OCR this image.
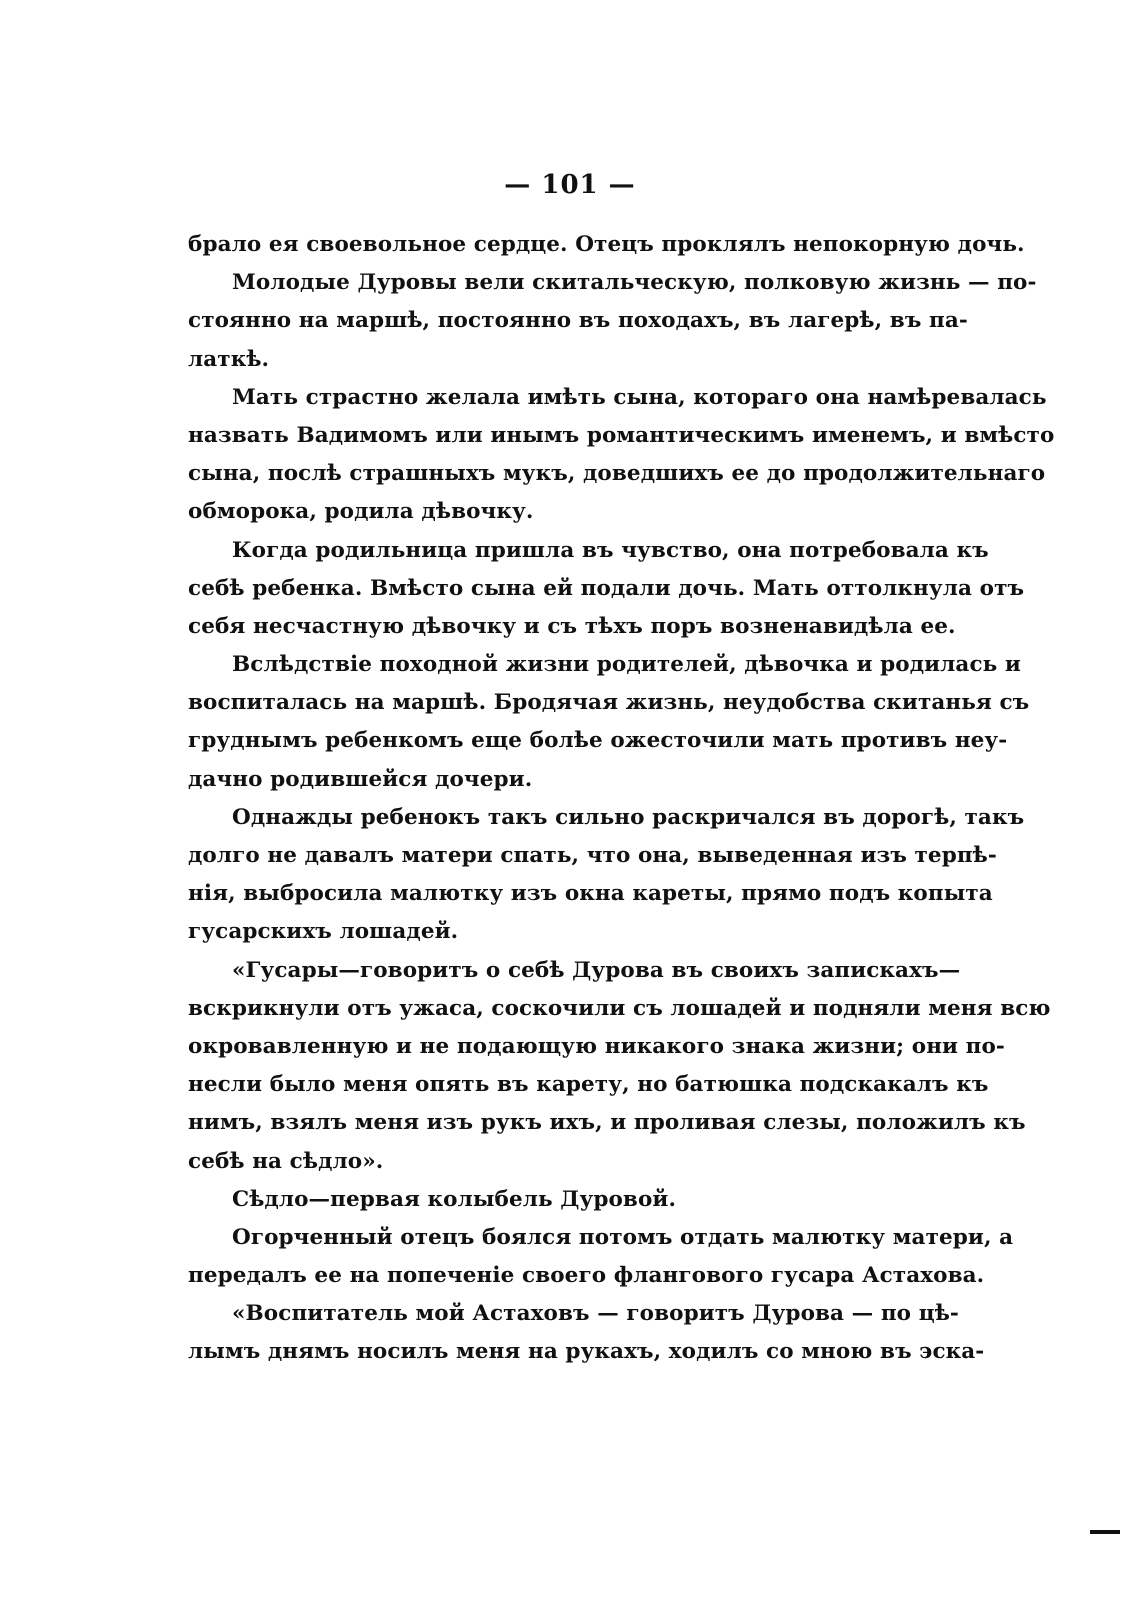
— 101 —
брало ея своевольное сердце. Отецъ проклялъ непокорную дочь.
Молодые Дуровы вели скитальческую, полковую жизнь — по-
стоянно на маршѣ, постоянно въ походахъ, въ лагерѣ, въ па-
латкѣ.
Мать страстно желала имѣть сына, котораго она намѣревалась
назвать Вадимомъ или инымъ романтическимъ именемъ, и вмѣсто
сына, послѣ страшныхъ мукъ, доведшихъ ее до продолжительнаго
обморока, родила дѣвочку.
Когда родильница пришла въ чувство, она потребовала къ
себѣ ребенка. Вмѣсто сына ей подали дочь. Мать оттолкнула отъ
себя несчастную дѣвочку и съ тѣхъ поръ возненавидѣла ее.
Вслѣдствіе походной жизни родителей, дѣвочка и родилась и
воспиталась на маршѣ. Бродячая жизнь, неудобства скитанья съ
груднымъ ребенкомъ еще болѣе ожесточили мать противъ неу-
дачно родившейся дочери.
Однажды ребенокъ такъ сильно раскричался въ дорогѣ, такъ
долго не давалъ матери спать, что она, выведенная изъ терпѣ-
нія, выбросила малютку изъ окна кареты, прямо подъ копыта
гусарскихъ лошадей.
«Гусары—говоритъ о себѣ Дурова въ своихъ запискахъ—
вскрикнули отъ ужаса, соскочили съ лошадей и подняли меня всю
окровавленную и не подающую никакого знака жизни; они по-
несли было меня опять въ карету, но батюшка подскакалъ къ
нимъ, взялъ меня изъ рукъ ихъ, и проливая слезы, положилъ къ
себѣ на сѣдло».
Сѣдло—первая колыбель Дуровой.
Огорченный отецъ боялся потомъ отдать малютку матери, а
передалъ ее на попеченіе своего флангового гусара Астахова.
«Воспитатель мой Астаховъ — говоритъ Дурова — по цѣ-
лымъ днямъ носилъ меня на рукахъ, ходилъ со мною въ эска-
